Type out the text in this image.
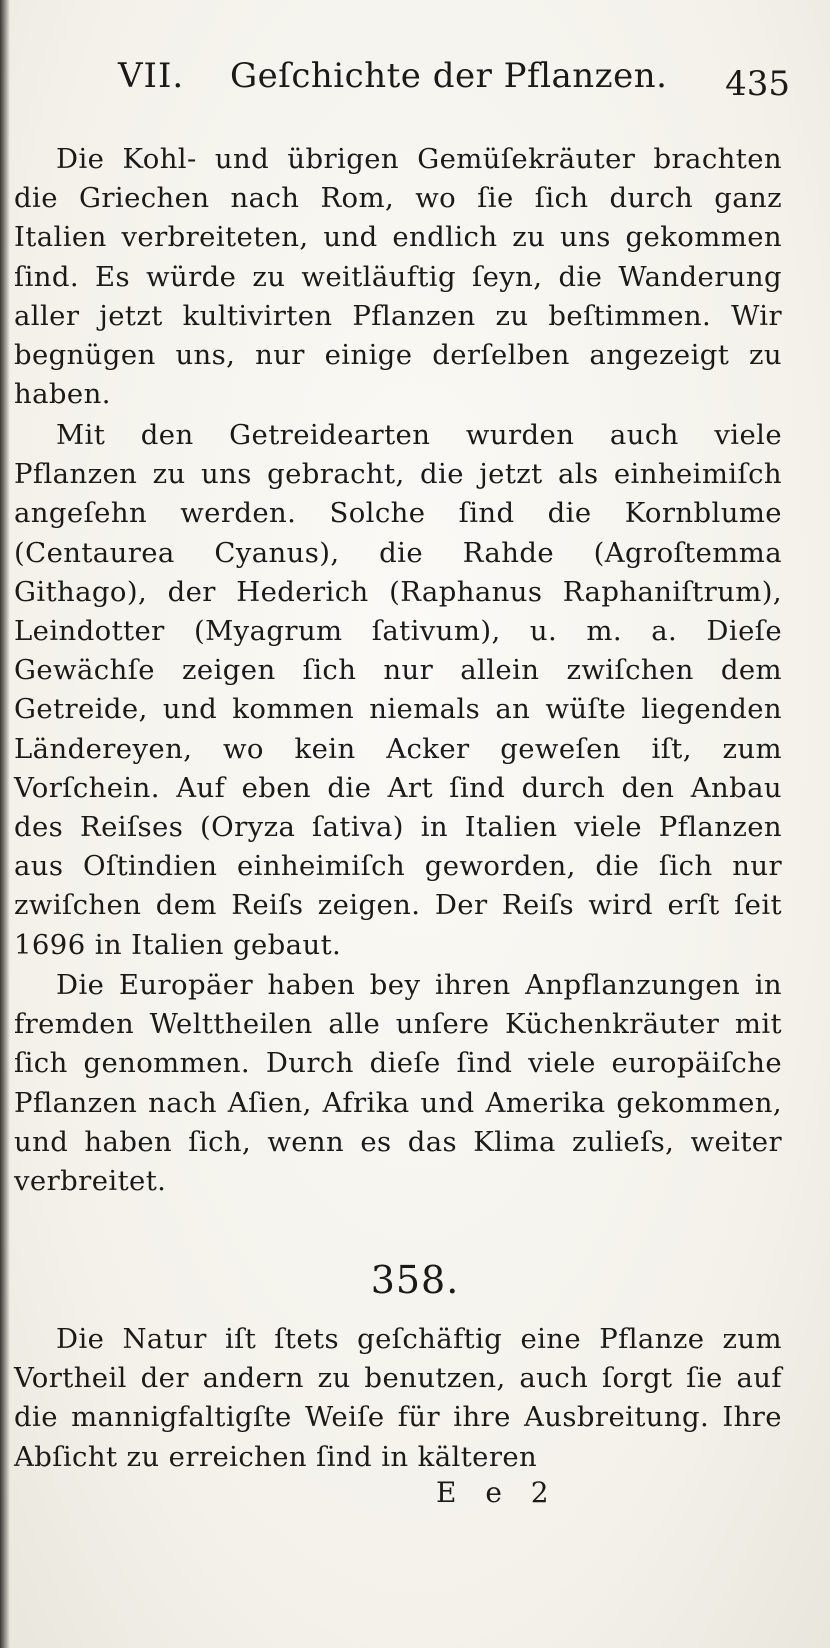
VII. Geſchichte der Pflanzen. 435

Die Kohl- und übrigen Gemüſekräuter brachten die Griechen nach Rom, wo ſie ſich durch ganz Italien verbreiteten, und endlich zu uns gekommen ſind. Es würde zu weitläuftig ſeyn, die Wanderung aller jetzt kultivirten Pflanzen zu beſtimmen. Wir begnügen uns, nur einige derſelben angezeigt zu haben.

Mit den Getreidearten wurden auch viele Pflanzen zu uns gebracht, die jetzt als einheimiſch angeſehn werden. Solche ſind die Kornblume (Centaurea Cyanus), die Rahde (Agroſtemma Githago), der Hederich (Raphanus Raphaniſtrum), Leindotter (Myagrum ſativum), u. m. a. Dieſe Gewächſe zeigen ſich nur allein zwiſchen dem Getreide, und kommen niemals an wüſte liegenden Ländereyen, wo kein Acker geweſen iſt, zum Vorſchein. Auf eben die Art ſind durch den Anbau des Reiſses (Oryza ſativa) in Italien viele Pflanzen aus Oſtindien einheimiſch geworden, die ſich nur zwiſchen dem Reiſs zeigen. Der Reiſs wird erſt ſeit 1696 in Italien gebaut.

Die Europäer haben bey ihren Anpflanzungen in fremden Welttheilen alle unſere Küchenkräuter mit ſich genommen. Durch dieſe ſind viele europäiſche Pflanzen nach Aſien, Afrika und Amerika gekommen, und haben ſich, wenn es das Klima zulieſs, weiter verbreitet.

358.

Die Natur iſt ſtets geſchäftig eine Pflanze zum Vortheil der andern zu benutzen, auch ſorgt ſie auf die mannigfaltigſte Weiſe für ihre Ausbreitung. Ihre Abſicht zu erreichen ſind in kälteren

E e 2
